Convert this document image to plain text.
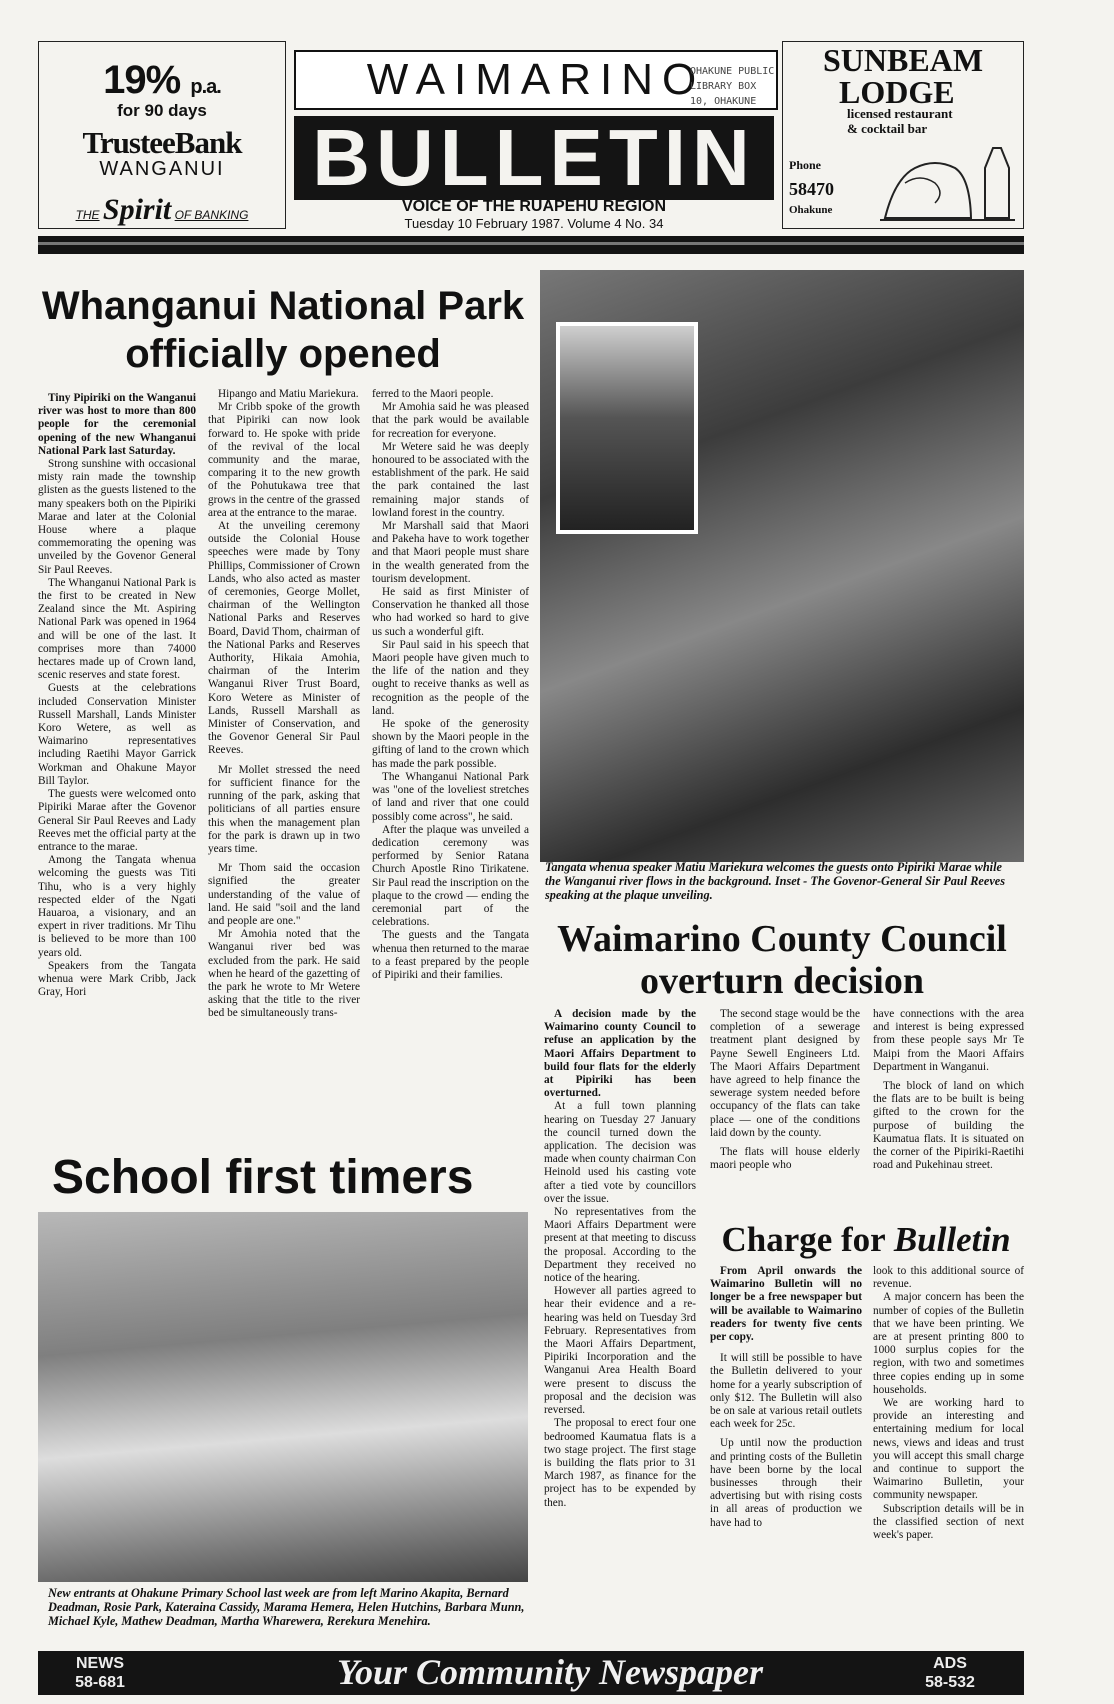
19% p.a.
for 90 days
TrusteeBank
WANGANUI
THE Spirit OF BANKING
WAIMARINO
OHAKUNE PUBLIC LIBRARY BOX 10, OHAKUNE
BULLETIN
VOICE OF THE RUAPEHU REGION
Tuesday 10 February 1987. Volume 4 No. 34
SUNBEAM
LODGE
licensed restaurant
& cocktail bar
Phone
58470
Ohakune
Whanganui National Park officially opened

Tiny Pipiriki on the Wanganui river was host to more than 800 people for the ceremonial opening of the new Whanganui National Park last Saturday.

Strong sunshine with occasional misty rain made the township glisten as the guests listened to the many speakers both on the Pipiriki Marae and later at the Colonial House where a plaque commemorating the opening was unveiled by the Govenor General Sir Paul Reeves.

The Whanganui National Park is the first to be created in New Zealand since the Mt. Aspiring National Park was opened in 1964 and will be one of the last. It comprises more than 74000 hectares made up of Crown land, scenic reserves and state forest.

Guests at the celebrations included Conservation Minister Russell Marshall, Lands Minister Koro Wetere, as well as Waimarino representatives including Raetihi Mayor Garrick Workman and Ohakune Mayor Bill Taylor.

The guests were welcomed onto Pipiriki Marae after the Govenor General Sir Paul Reeves and Lady Reeves met the official party at the entrance to the marae.

Among the Tangata whenua welcoming the guests was Titi Tihu, who is a very highly respected elder of the Ngati Hauaroa, a visionary, and an expert in river traditions. Mr Tihu is believed to be more than 100 years old.

Speakers from the Tangata whenua were Mark Cribb, Jack Gray, Hori

Hipango and Matiu Mariekura.

Mr Cribb spoke of the growth that Pipiriki can now look forward to. He spoke with pride of the revival of the local community and the marae, comparing it to the new growth of the Pohutukawa tree that grows in the centre of the grassed area at the entrance to the marae.

At the unveiling ceremony outside the Colonial House speeches were made by Tony Phillips, Commissioner of Crown Lands, who also acted as master of ceremonies, George Mollet, chairman of the Wellington National Parks and Reserves Board, David Thom, chairman of the National Parks and Reserves Authority, Hikaia Amohia, chairman of the Interim Wanganui River Trust Board, Koro Wetere as Minister of Lands, Russell Marshall as Minister of Conservation, and the Govenor General Sir Paul Reeves.

Mr Mollet stressed the need for sufficient finance for the running of the park, asking that politicians of all parties ensure this when the management plan for the park is drawn up in two years time.

Mr Thom said the occasion signified the greater understanding of the value of land. He said "soil and the land and people are one."

Mr Amohia noted that the Wanganui river bed was excluded from the park. He said when he heard of the gazetting of the park he wrote to Mr Wetere asking that the title to the river bed be simultaneously trans-

ferred to the Maori people.

Mr Amohia said he was pleased that the park would be available for recreation for everyone.

Mr Wetere said he was deeply honoured to be associated with the establishment of the park. He said the park contained the last remaining major stands of lowland forest in the country.

Mr Marshall said that Maori and Pakeha have to work together and that Maori people must share in the wealth generated from the tourism development.

He said as first Minister of Conservation he thanked all those who had worked so hard to give us such a wonderful gift.

Sir Paul said in his speech that Maori people have given much to the life of the nation and they ought to receive thanks as well as recognition as the people of the land.

He spoke of the generosity shown by the Maori people in the gifting of land to the crown which has made the park possible.

The Whanganui National Park was "one of the loveliest stretches of land and river that one could possibly come across", he said.

After the plaque was unveiled a dedication ceremony was performed by Senior Ratana Church Apostle Rino Tirikatene. Sir Paul read the inscription on the plaque to the crowd — ending the ceremonial part of the celebrations.

The guests and the Tangata whenua then returned to the marae to a feast prepared by the people of Pipiriki and their families.

Tangata whenua speaker Matiu Mariekura welcomes the guests onto Pipiriki Marae while the Wanganui river flows in the background. Inset - The Govenor-General Sir Paul Reeves speaking at the plaque unveiling.
Waimarino County Council overturn decision

A decision made by the Waimarino county Council to refuse an application by the Maori Affairs Department to build four flats for the elderly at Pipiriki has been overturned.

At a full town planning hearing on Tuesday 27 January the council turned down the application. The decision was made when county chairman Con Heinold used his casting vote after a tied vote by councillors over the issue.

No representatives from the Maori Affairs Department were present at that meeting to discuss the proposal. According to the Department they received no notice of the hearing.

However all parties agreed to hear their evidence and a re-hearing was held on Tuesday 3rd February. Representatives from the Maori Affairs Department, Pipiriki Incorporation and the Wanganui Area Health Board were present to discuss the proposal and the decision was reversed.

The proposal to erect four one bedroomed Kaumatua flats is a two stage project. The first stage is building the flats prior to 31 March 1987, as finance for the project has to be expended by then.

The second stage would be the completion of a sewerage treatment plant designed by Payne Sewell Engineers Ltd. The Maori Affairs Department have agreed to help finance the sewerage system needed before occupancy of the flats can take place — one of the conditions laid down by the county.

The flats will house elderly maori people who

have connections with the area and interest is being expressed from these people says Mr Te Maipi from the Maori Affairs Department in Wanganui.

The block of land on which the flats are to be built is being gifted to the crown for the purpose of building the Kaumatua flats. It is situated on the corner of the Pipiriki-Raetihi road and Pukehinau street.

School first timers
New entrants at Ohakune Primary School last week are from left Marino Akapita, Bernard Deadman, Rosie Park, Kateraina Cassidy, Marama Hemera, Helen Hutchins, Barbara Munn, Michael Kyle, Mathew Deadman, Martha Wharewera, Rerekura Menehira.
Charge for Bulletin

From April onwards the Waimarino Bulletin will no longer be a free newspaper but will be available to Waimarino readers for twenty five cents per copy.

It will still be possible to have the Bulletin delivered to your home for a yearly subscription of only $12. The Bulletin will also be on sale at various retail outlets each week for 25c.

Up until now the production and printing costs of the Bulletin have been borne by the local businesses through their advertising but with rising costs in all areas of production we have had to

look to this additional source of revenue.

A major concern has been the number of copies of the Bulletin that we have been printing. We are at present printing 800 to 1000 surplus copies for the region, with two and sometimes three copies ending up in some households.

We are working hard to provide an interesting and entertaining medium for local news, views and ideas and trust you will accept this small charge and continue to support the Waimarino Bulletin, your community newspaper.

Subscription details will be in the classified section of next week's paper.

NEWS
58-681	Your Community Newspaper	ADS
58-532
